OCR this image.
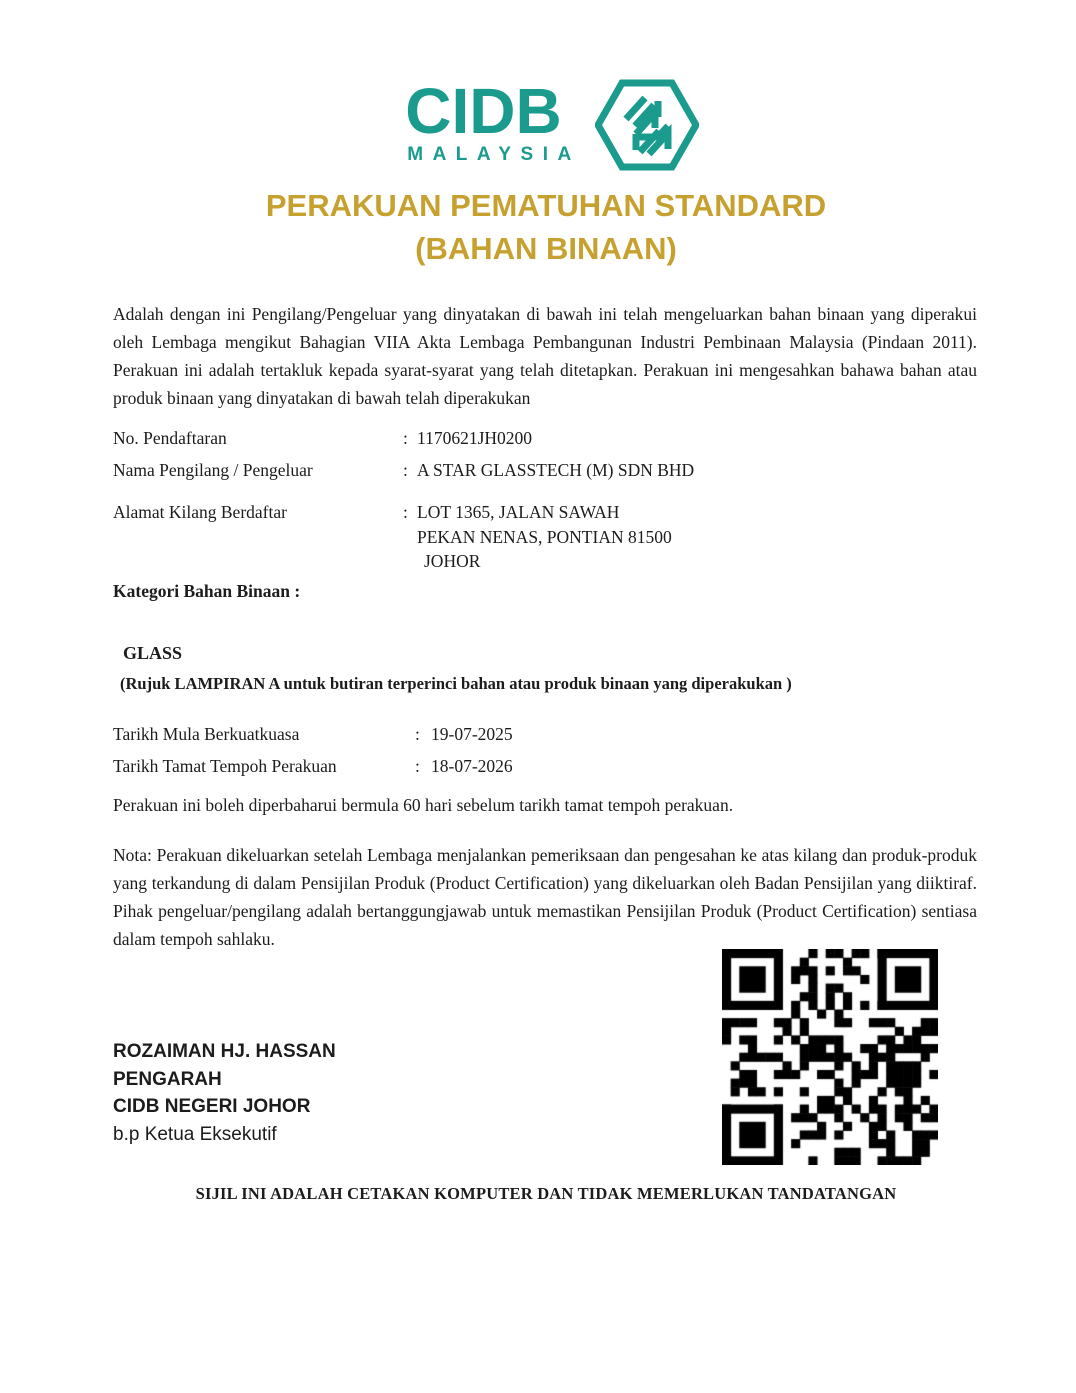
CIDB
MALAYSIA
PERAKUAN PEMATUHAN STANDARD
(BAHAN BINAAN)

Adalah dengan ini Pengilang/Pengeluar yang dinyatakan di bawah ini telah mengeluarkan bahan binaan yang diperakui oleh Lembaga mengikut Bahagian VIIA Akta Lembaga Pembangunan Industri Pembinaan Malaysia (Pindaan 2011). Perakuan ini adalah tertakluk kepada syarat-syarat yang telah ditetapkan. Perakuan ini mengesahkan bahawa bahan atau produk binaan yang dinyatakan di bawah telah diperakukan

No. Pendaftaran	: 1170621JH0200
Nama Pengilang / Pengeluar	: A STAR GLASSTECH (M) SDN BHD
Alamat Kilang Berdaftar	: LOT 1365, JALAN SAWAH
PEKAN NENAS, PONTIAN 81500
JOHOR
Kategori Bahan Binaan :
GLASS
(Rujuk LAMPIRAN A untuk butiran terperinci bahan atau produk binaan yang diperakukan )
Tarikh Mula Berkuatkuasa	: 19-07-2025
Tarikh Tamat Tempoh Perakuan	: 18-07-2026

Perakuan ini boleh diperbaharui bermula 60 hari sebelum tarikh tamat tempoh perakuan.

Nota: Perakuan dikeluarkan setelah Lembaga menjalankan pemeriksaan dan pengesahan ke atas kilang dan produk-produk yang terkandung di dalam Pensijilan Produk (Product Certification) yang dikeluarkan oleh Badan Pensijilan yang diiktiraf. Pihak pengeluar/pengilang adalah bertanggungjawab untuk memastikan Pensijilan Produk (Product Certification) sentiasa dalam tempoh sahlaku.

ROZAIMAN HJ. HASSAN
PENGARAH
CIDB NEGERI JOHOR
b.p Ketua Eksekutif
SIJIL INI ADALAH CETAKAN KOMPUTER DAN TIDAK MEMERLUKAN TANDATANGAN
